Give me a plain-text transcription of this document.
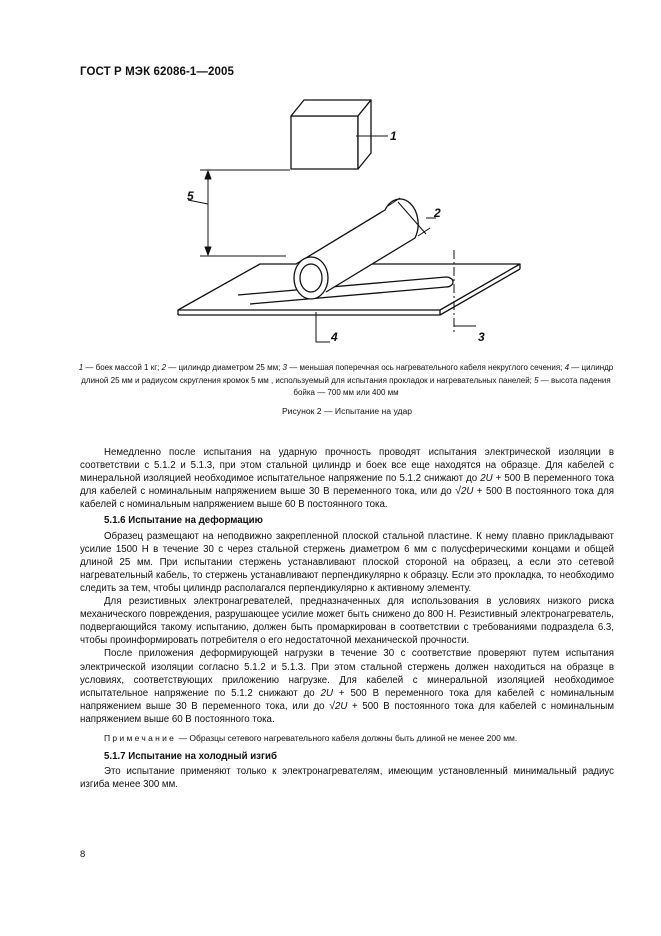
ГОСТ Р МЭК 62086-1—2005
1
2
3
4
5
1 — боек массой 1 кг; 2 — цилиндр диаметром 25 мм; 3 — меньшая поперечная ось нагревательного кабеля некруглого сечения; 4 — цилиндр длиной 25 мм и радиусом скругления кромок 5 мм , используемый для испытания прокладок и нагревательных панелей; 5 — высота падения бойка — 700 мм или 400 мм
Рисунок 2 — Испытание на удар

Немедленно после испытания на ударную прочность проводят испытания электрической изоляции в соответствии с 5.1.2 и 5.1.3, при этом стальной цилиндр и боек все еще находятся на образце. Для кабелей с минеральной изоляцией необходимое испытательное напряжение по 5.1.2 снижают до 2U + 500 В переменного тока для кабелей с номинальным напряжением выше 30 В переменного тока, или до √2U + 500 В постоянного тока для кабелей с номинальным напряжением выше 60 В постоянного тока.

5.1.6 Испытание на деформацию

Образец размещают на неподвижно закрепленной плоской стальной пластине. К нему плавно прикладывают усилие 1500 Н в течение 30 с через стальной стержень диаметром 6 мм с полусферическими концами и общей длиной 25 мм. При испытании стержень устанавливают плоской стороной на образец, а если это сетевой нагревательный кабель, то стержень устанавливают перпендикулярно к образцу. Если это прокладка, то необходимо следить за тем, чтобы цилиндр располагался перпендикулярно к активному элементу.

Для резистивных электронагревателей, предназначенных для использования в условиях низкого риска механического повреждения, разрушающее усилие может быть снижено до 800 Н. Резистивный электронагреватель, подвергающийся такому испытанию, должен быть промаркирован в соответствии с требованиями подраздела 6.3, чтобы проинформировать потребителя о его недостаточной механической прочности.

После приложения деформирующей нагрузки в течение 30 с соответствие проверяют путем испытания электрической изоляции согласно 5.1.2 и 5.1.3. При этом стальной стержень должен находиться на образце в условиях, соответствующих приложению нагрузке. Для кабелей с минеральной изоляцией необходимое испытательное напряжение по 5.1.2 снижают до 2U + 500 В переменного тока для кабелей с номинальным напряжением выше 30 В переменного тока, или до √2U + 500 В постоянного тока для кабелей с номинальным напряжением выше 60 В постоянного тока.

Примечание — Образцы сетевого нагревательного кабеля должны быть длиной не менее 200 мм.

5.1.7 Испытание на холодный изгиб

Это испытание применяют только к электронагревателям, имеющим установленный минимальный радиус изгиба менее 300 мм.

8
